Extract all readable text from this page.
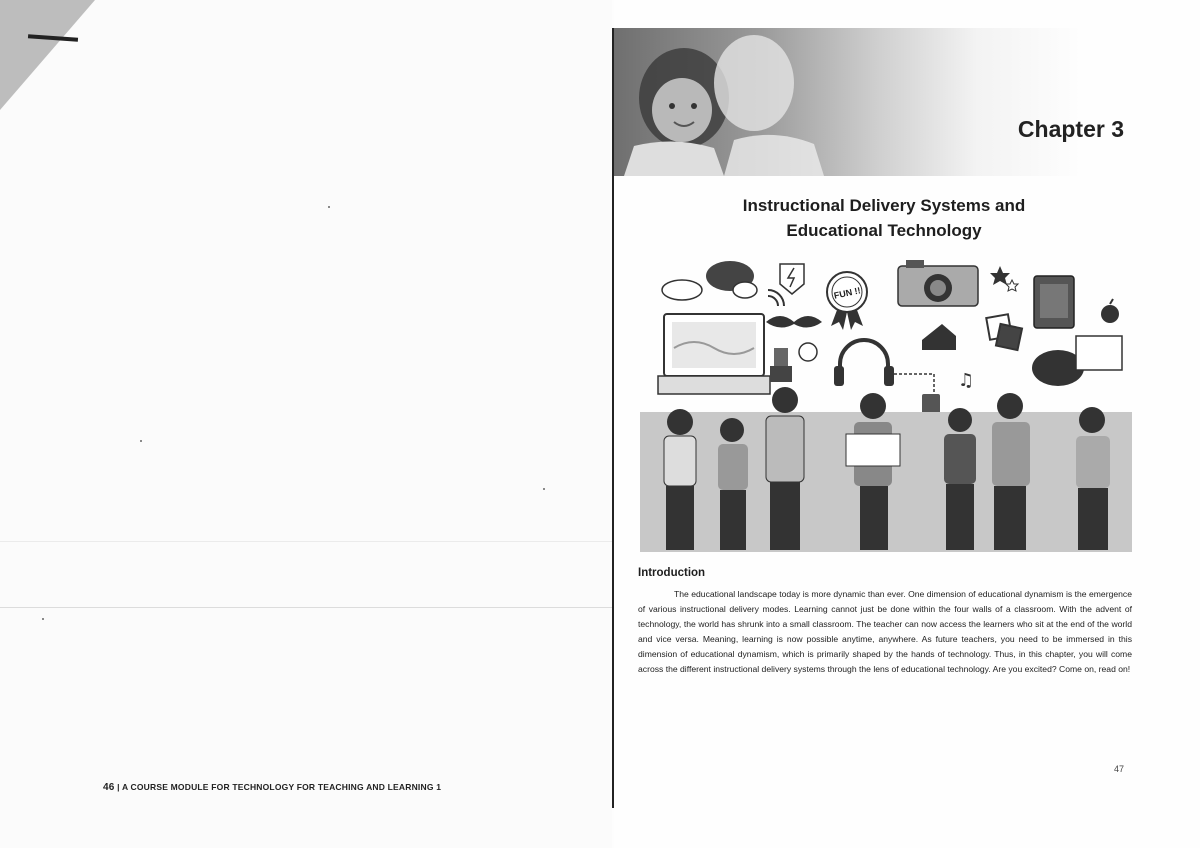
46 | A COURSE MODULE FOR TECHNOLOGY FOR TEACHING AND LEARNING 1
Chapter 3
Instructional Delivery Systems and
Educational Technology
FUN !!
♫
Introduction

The educational landscape today is more dynamic than ever. One dimension of educational dynamism is the emergence of various instructional delivery modes. Learning cannot just be done within the four walls of a classroom. With the advent of technology, the world has shrunk into a small classroom. The teacher can now access the learners who sit at the end of the world and vice versa. Meaning, learning is now possible anytime, anywhere. As future teachers, you need to be immersed in this dimension of educational dynamism, which is primarily shaped by the hands of technology. Thus, in this chapter, you will come across the different instructional delivery systems through the lens of educational technology. Are you excited? Come on, read on!

47
